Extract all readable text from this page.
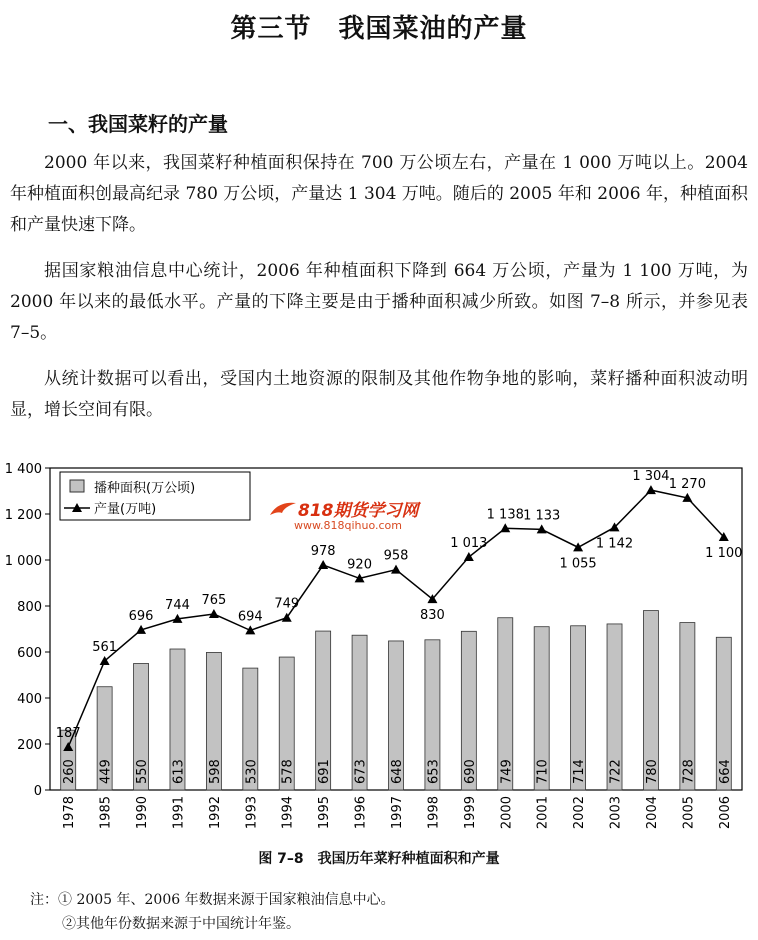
第三节　我国菜油的产量
一、我国菜籽的产量
2000 年以来，我国菜籽种植面积保持在 700 万公顷左右，产量在 1 000 万吨以上。2004 年种植面积创最高纪录 780 万公顷，产量达 1 304 万吨。随后的 2005 年和 2006 年，种植面积和产量快速下降。
据国家粮油信息中心统计，2006 年种植面积下降到 664 万公顷，产量为 1 100 万吨，为 2000 年以来的最低水平。产量的下降主要是由于播种面积减少所致。如图 7–8 所示，并参见表 7–5。
从统计数据可以看出，受国内土地资源的限制及其他作物争地的影响，菜籽播种面积波动明显，增长空间有限。
0
200
400
600
800
1 000
1 200
1 400
260 449 550 613 598 530 578 691 673 648 653 690 749 710 714 722 780 728 664
1978 1985 1990 1991 1992 1993 1994 1995 1996 1997 1998 1999 2000 2001 2002 2003 2004 2005 2006
187
561
696
744 765
694
749
978
920
958
830
1 013
1 138 1 133
1 055
1 142
1 304
1 270
1 100
播种面积(万公顷)
产量(万吨)	818期货学习网
www.818qihuo.com
图 7–8　我国历年菜籽种植面积和产量
注：① 2005 年、2006 年数据来源于国家粮油信息中心。
②其他年份数据来源于中国统计年鉴。
